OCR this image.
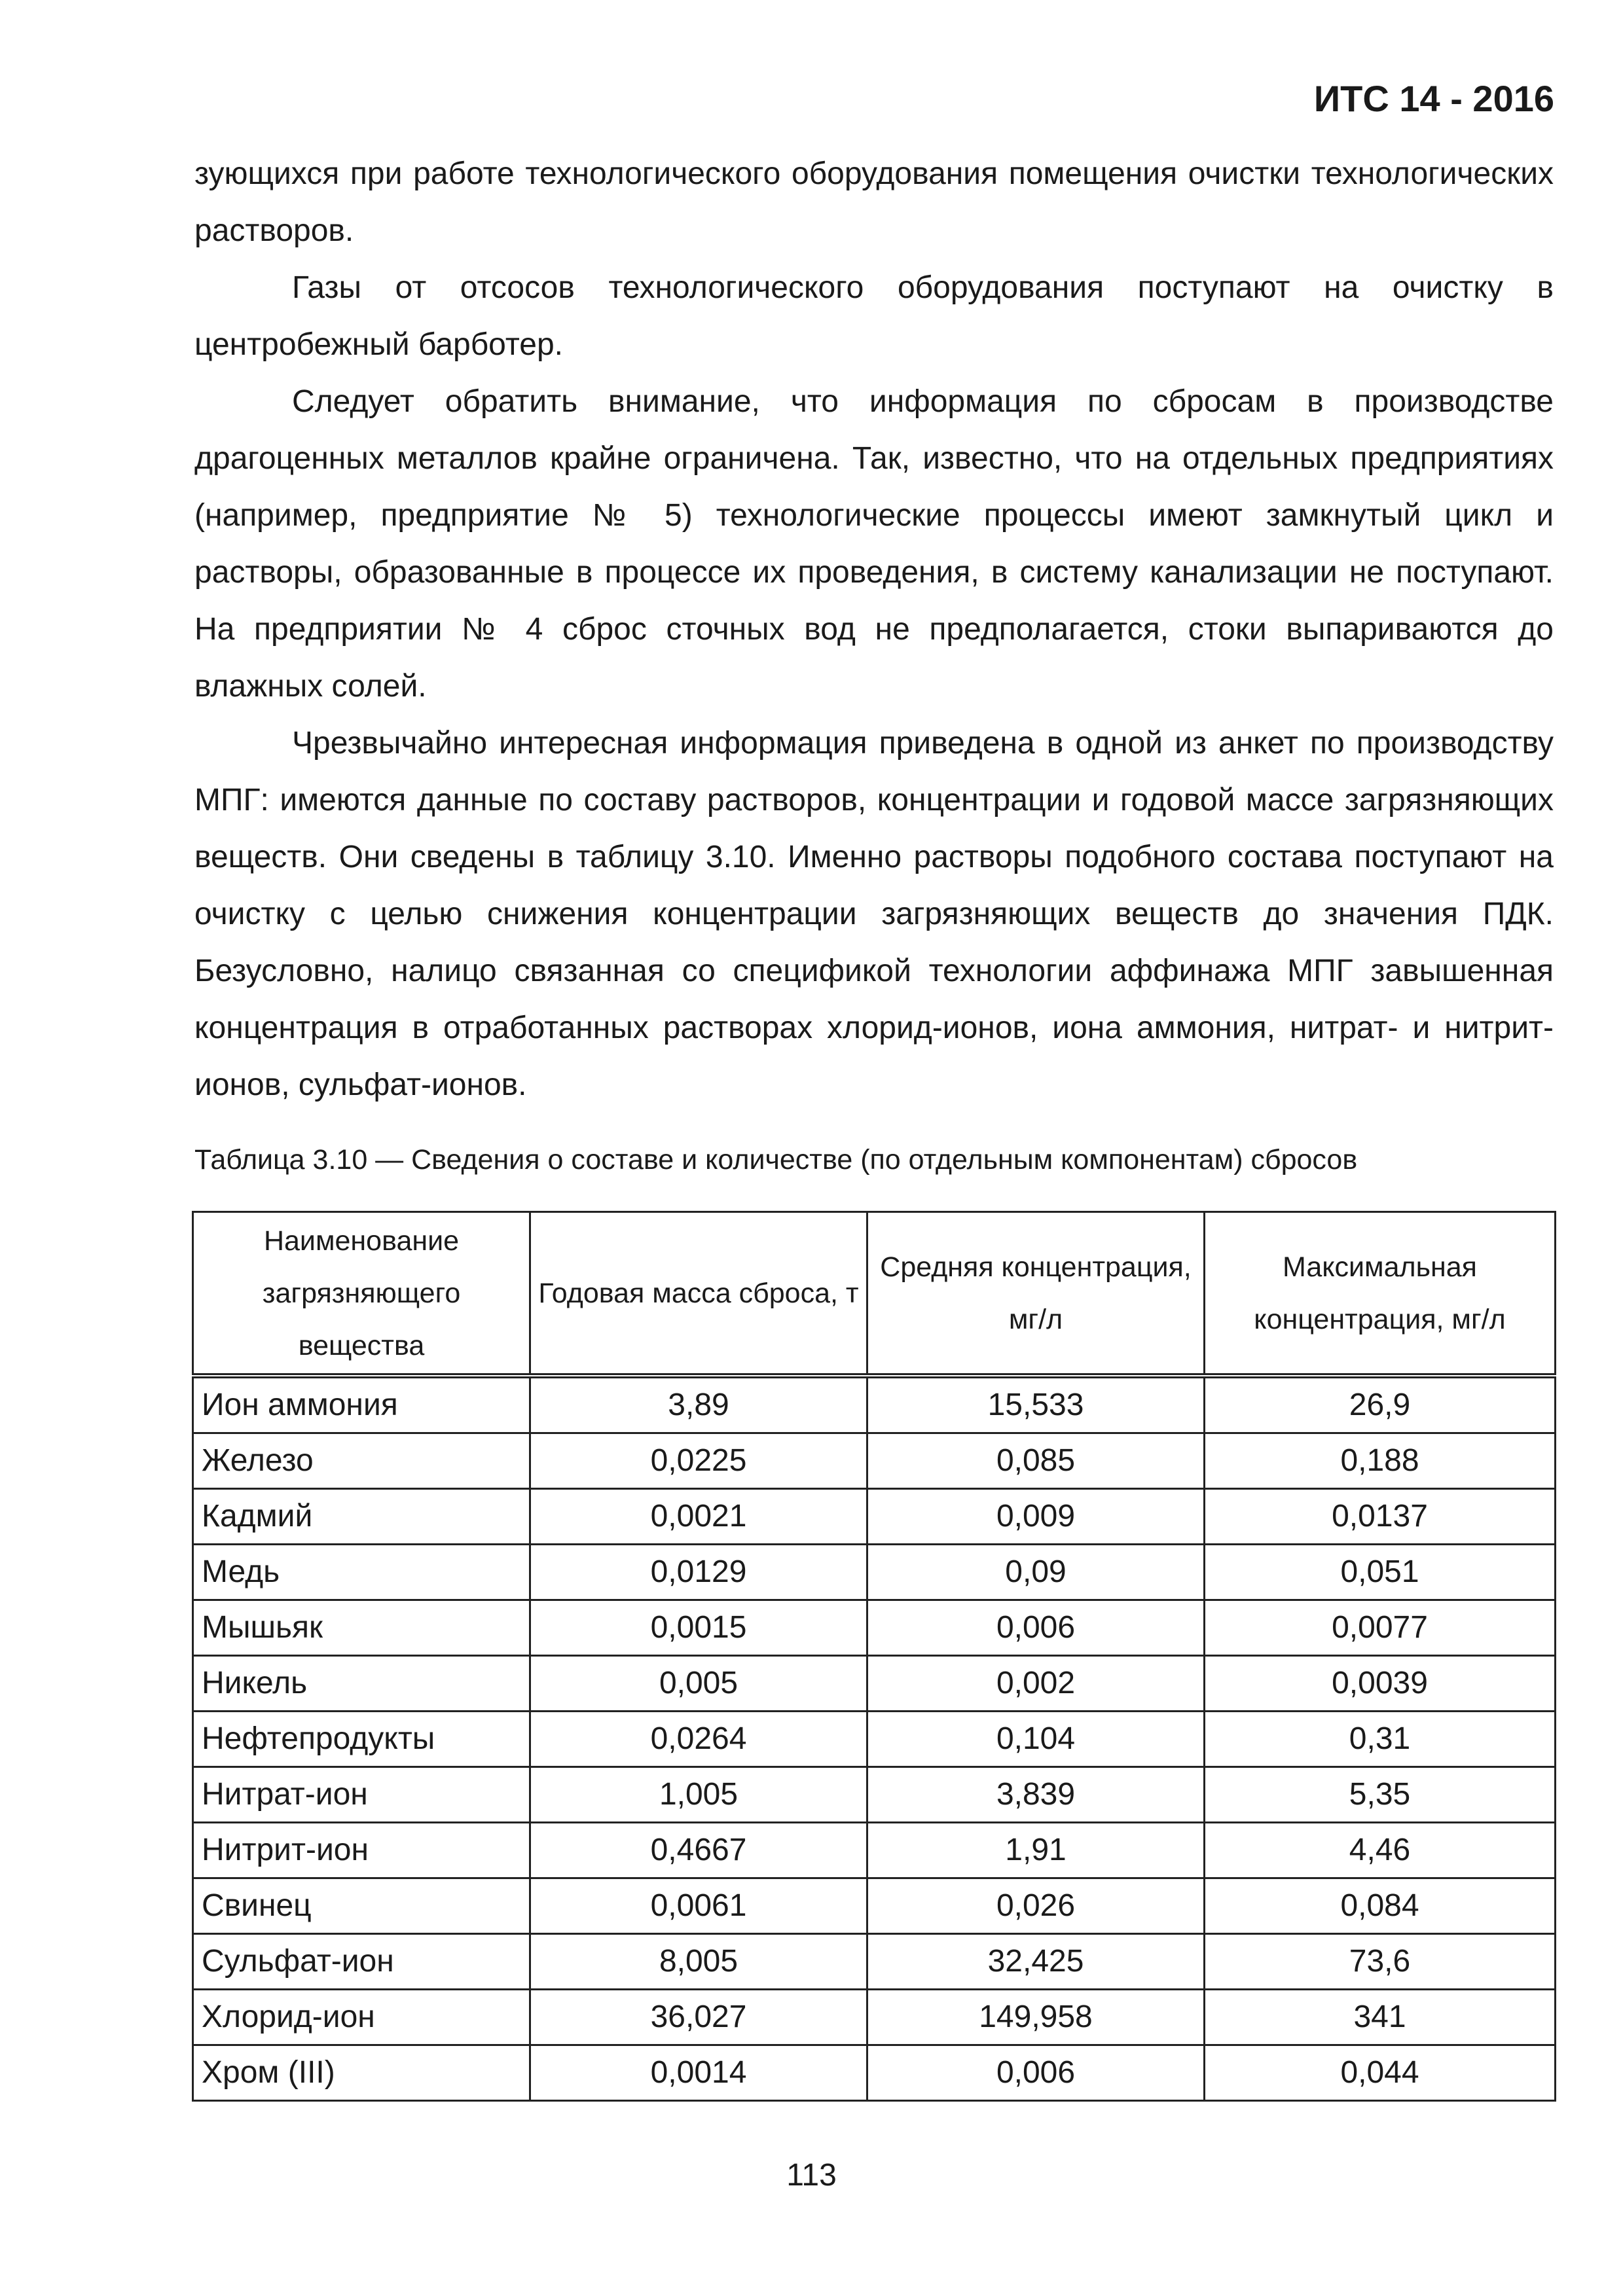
ИТС 14 - 2016

зующихся при работе технологического оборудования помещения очистки технологических растворов.

Газы от отсосов технологического оборудования поступают на очистку в центробежный барботер.

Следует обратить внимание, что информация по сбросам в производстве драгоценных металлов крайне ограничена. Так, известно, что на отдельных предприятиях (например, предприятие № 5) технологические процессы имеют замкнутый цикл и растворы, образованные в процессе их проведения, в систему канализации не поступают. На предприятии № 4 сброс сточных вод не предполагается, стоки выпариваются до влажных солей.

Чрезвычайно интересная информация приведена в одной из анкет по производству МПГ: имеются данные по составу растворов, концентрации и годовой массе загрязняющих веществ. Они сведены в таблицу 3.10. Именно растворы подобного состава поступают на очистку с целью снижения концентрации загрязняющих веществ до значения ПДК. Безусловно, налицо связанная со спецификой технологии аффинажа МПГ завышенная концентрация в отработанных растворах хлорид-ионов, иона аммония, нитрат- и нитрит-ионов, сульфат-ионов.

Таблица 3.10 — Сведения о составе и количестве (по отдельным компонентам) сбросов
Наименование загрязняющего вещества	Годовая масса сброса, т	Средняя концентрация, мг/л	Максимальная концентрация, мг/л
Ион аммония	3,89	15,533	26,9
Железо	0,0225	0,085	0,188
Кадмий	0,0021	0,009	0,0137
Медь	0,0129	0,09	0,051
Мышьяк	0,0015	0,006	0,0077
Никель	0,005	0,002	0,0039
Нефтепродукты	0,0264	0,104	0,31
Нитрат-ион	1,005	3,839	5,35
Нитрит-ион	0,4667	1,91	4,46
Свинец	0,0061	0,026	0,084
Сульфат-ион	8,005	32,425	73,6
Хлорид-ион	36,027	149,958	341
Хром (III)	0,0014	0,006	0,044
113
